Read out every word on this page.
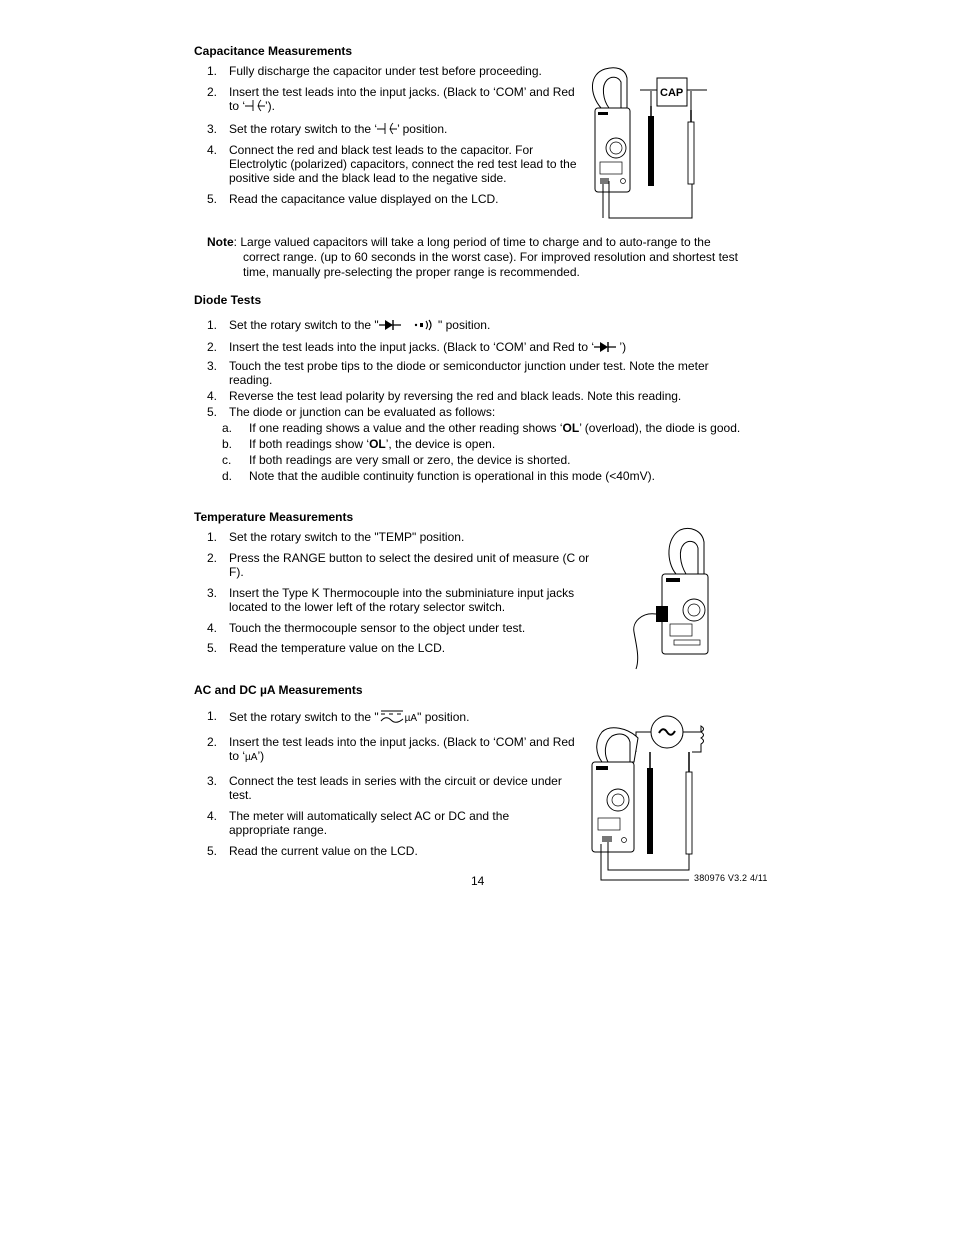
Capacitance Measurements
1. Fully discharge the capacitor under test before proceeding.
2. Insert the test leads into the input jacks. (Black to ‘COM’ and Red to ‘ ’).
3. Set the rotary switch to the ‘ ’ position.
4. Connect the red and black test leads to the capacitor. For Electrolytic (polarized) capacitors, connect the red test lead to the positive side and the black lead to the negative side.
5. Read the capacitance value displayed on the LCD.
CAP
Note: Large valued capacitors will take a long period of time to charge and to auto-range to the
correct range. (up to 60 seconds in the worst case). For improved resolution and shortest test time, manually pre-selecting the proper range is recommended.
Diode Tests
1. Set the rotary switch to the "	" position.
2. Insert the test leads into the input jacks. (Black to ‘COM’ and Red to ‘ ’)
3. Touch the test probe tips to the diode or semiconductor junction under test. Note the meter reading.
4. Reverse the test lead polarity by reversing the red and black leads. Note this reading.
5. The diode or junction can be evaluated as follows:
a. If one reading shows a value and the other reading shows ‘OL’ (overload), the diode is good.
b. If both readings show ‘OL’, the device is open.
c. If both readings are very small or zero, the device is shorted.
d. Note that the audible continuity function is operational in this mode (<40mV).
Temperature Measurements
1. Set the rotary switch to the "TEMP" position.
2. Press the RANGE button to select the desired unit of measure (C or F).
3. Insert the Type K Thermocouple into the subminiature input jacks located to the lower left of the rotary selector switch.
4. Touch the thermocouple sensor to the object under test.
5. Read the temperature value on the LCD.
AC and DC µA Measurements
1. Set the rotary switch to the "	µA" position.
2. Insert the test leads into the input jacks. (Black to ‘COM’ and Red to ‘µA’)
3. Connect the test leads in series with the circuit or device under test.
4. The meter will automatically select AC or DC and the appropriate range.
5. Read the current value on the LCD.
14	380976 V3.2 4/11
